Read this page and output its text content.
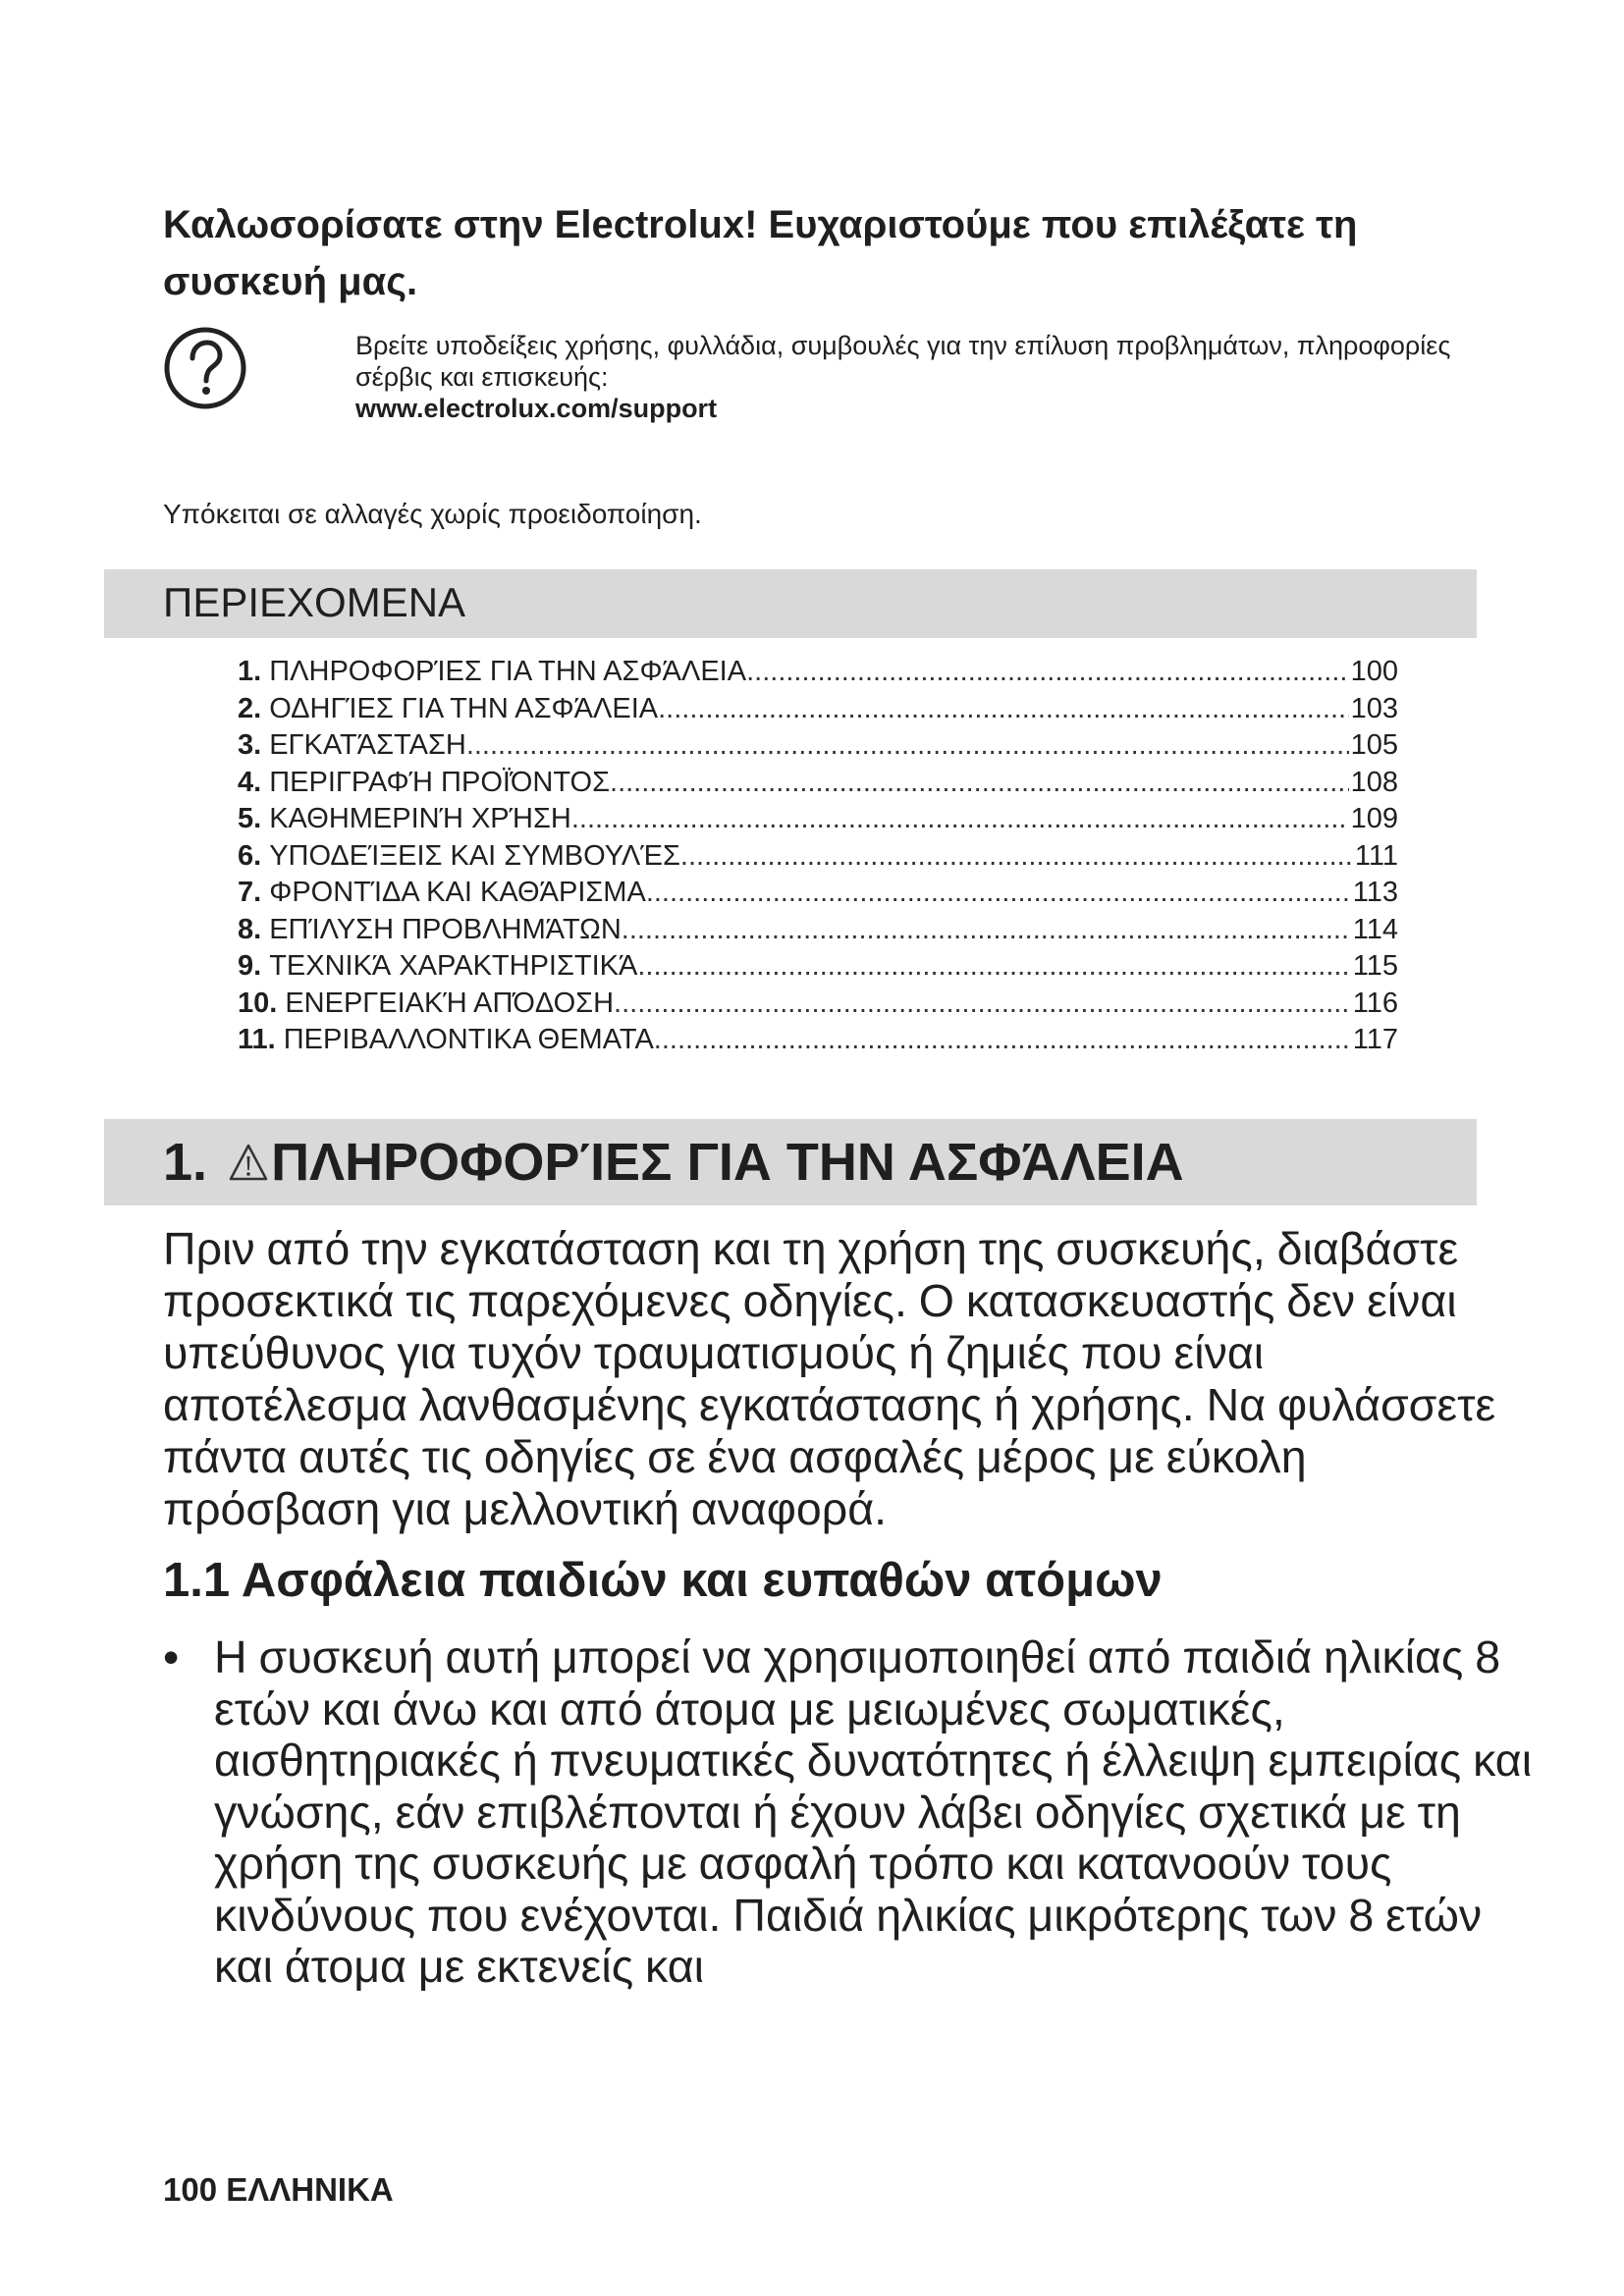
Καλωσορίσατε στην Electrolux! Ευχαριστούμε που επιλέξατε τη συσκευή μας.
Βρείτε υποδείξεις χρήσης, φυλλάδια, συμβουλές για την επίλυση προβλημάτων, πληροφορίες σέρβις και επισκευής:
www.electrolux.com/support
Υπόκειται σε αλλαγές χωρίς προειδοποίηση.
ΠΕΡΙΕΧΟΜΕΝΑ
1. ΠΛΗΡΟΦΟΡΊΕΣ ΓΙΑ ΤΗΝ ΑΣΦΆΛΕΙΑ .....	100
2. ΟΔΗΓΊΕΣ ΓΙΑ ΤΗΝ ΑΣΦΆΛΕΙΑ .....	103
3. ΕΓΚΑΤΆΣΤΑΣΗ .....	105
4. ΠΕΡΙΓΡΑΦΉ ΠΡΟΪΌΝΤΟΣ .....	108
5. ΚΑΘΗΜΕΡΙΝΉ ΧΡΉΣΗ .....	109
6. ΥΠΟΔΕΊΞΕΙΣ ΚΑΙ ΣΥΜΒΟΥΛΈΣ .....	111
7. ΦΡΟΝΤΊΔΑ ΚΑΙ ΚΑΘΆΡΙΣΜΑ .....	113
8. ΕΠΊΛΥΣΗ ΠΡΟΒΛΗΜΆΤΩΝ .....	114
9. ΤΕΧΝΙΚΆ ΧΑΡΑΚΤΗΡΙΣΤΙΚΆ .....	115
10. ΕΝΕΡΓΕΙΑΚΉ ΑΠΌΔΟΣΗ .....	116
11. ΠΕΡΙΒΑΛΛΟΝΤΙΚΑ ΘΕΜΑΤΑ .....	117
1. ΠΛΗΡΟΦΟΡΊΕΣ ΓΙΑ ΤΗΝ ΑΣΦΆΛΕΙΑ

Πριν από την εγκατάσταση και τη χρήση της συσκευής, διαβάστε προσεκτικά τις παρεχόμενες οδηγίες. Ο κατασκευαστής δεν είναι υπεύθυνος για τυχόν τραυματισμούς ή ζημιές που είναι αποτέλεσμα λανθασμένης εγκατάστασης ή χρήσης. Να φυλάσσετε πάντα αυτές τις οδηγίες σε ένα ασφαλές μέρος με εύκολη πρόσβαση για μελλοντική αναφορά.

1.1 Ασφάλεια παιδιών και ευπαθών ατόμων

• Η συσκευή αυτή μπορεί να χρησιμοποιηθεί από παιδιά ηλικίας 8 ετών και άνω και από άτομα με μειωμένες σωματικές, αισθητηριακές ή πνευματικές δυνατότητες ή έλλειψη εμπειρίας και γνώσης, εάν επιβλέπονται ή έχουν λάβει οδηγίες σχετικά με τη χρήση της συσκευής με ασφαλή τρόπο και κατανοούν τους κινδύνους που ενέχονται. Παιδιά ηλικίας μικρότερης των 8 ετών και άτομα με εκτενείς και

100 ΕΛΛΗΝΙΚΑ
